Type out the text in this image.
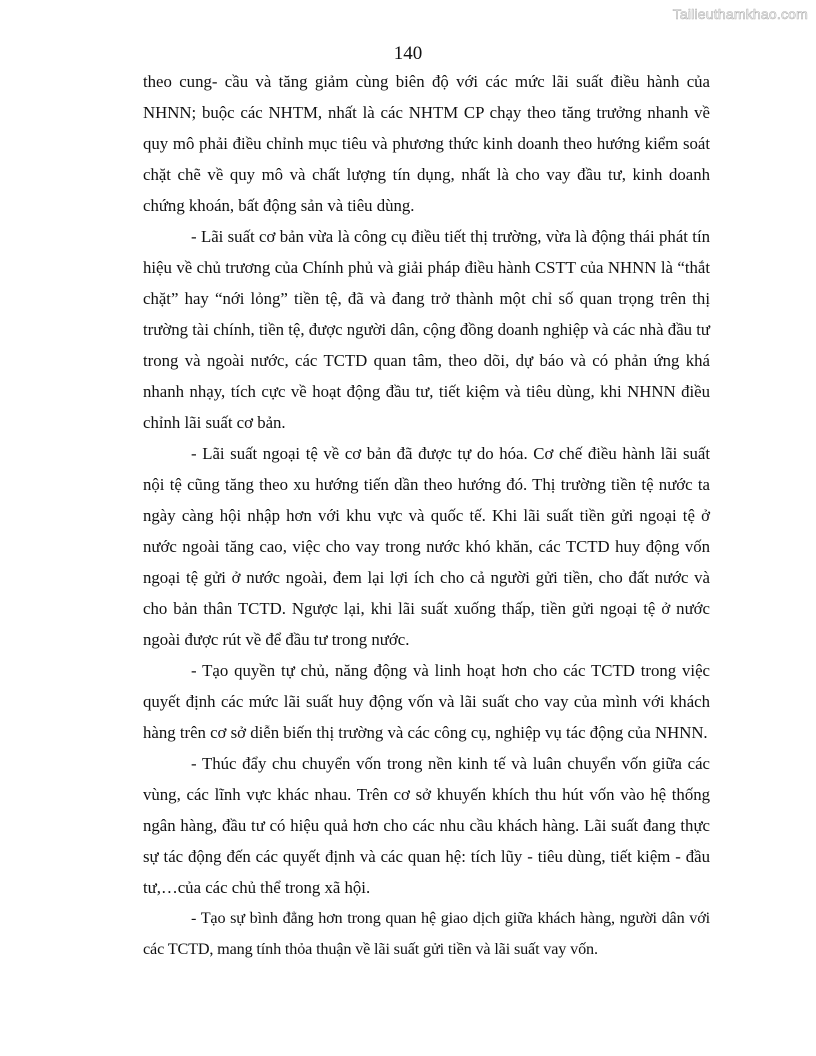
Tailieuthamkhao.com
140

theo cung- cầu và tăng giảm cùng biên độ với các mức lãi suất điều hành của NHNN; buộc các NHTM, nhất là các NHTM CP chạy theo tăng trưởng nhanh về quy mô phải điều chỉnh mục tiêu và phương thức kinh doanh theo hướng kiểm soát chặt chẽ về quy mô và chất lượng tín dụng, nhất là cho vay đầu tư, kinh doanh chứng khoán, bất động sản và tiêu dùng.

- Lãi suất cơ bản vừa là công cụ điều tiết thị trường, vừa là động thái phát tín hiệu về chủ trương của Chính phủ và giải pháp điều hành CSTT của NHNN là “thắt chặt” hay “nới lỏng” tiền tệ, đã và đang trở thành một chỉ số quan trọng trên thị trường tài chính, tiền tệ, được người dân, cộng đồng doanh nghiệp và các nhà đầu tư trong và ngoài nước, các TCTD quan tâm, theo dõi, dự báo và có phản ứng khá nhanh nhạy, tích cực về hoạt động đầu tư, tiết kiệm và tiêu dùng, khi NHNN điều chỉnh lãi suất cơ bản.

- Lãi suất ngoại tệ về cơ bản đã được tự do hóa. Cơ chế điều hành lãi suất nội tệ cũng tăng theo xu hướng tiến dần theo hướng đó. Thị trường tiền tệ nước ta ngày càng hội nhập hơn với khu vực và quốc tế. Khi lãi suất tiền gửi ngoại tệ ở nước ngoài tăng cao, việc cho vay trong nước khó khăn, các TCTD huy động vốn ngoại tệ gửi ở nước ngoài, đem lại lợi ích cho cả người gửi tiền, cho đất nước và cho bản thân TCTD. Ngược lại, khi lãi suất xuống thấp, tiền gửi ngoại tệ ở nước ngoài được rút về để đầu tư trong nước.

- Tạo quyền tự chủ, năng động và linh hoạt hơn cho các TCTD trong việc quyết định các mức lãi suất huy động vốn và lãi suất cho vay của mình với khách hàng trên cơ sở diễn biến thị trường và các công cụ, nghiệp vụ tác động của NHNN.

- Thúc đẩy chu chuyển vốn trong nền kinh tế và luân chuyển vốn giữa các vùng, các lĩnh vực khác nhau. Trên cơ sở khuyến khích thu hút vốn vào hệ thống ngân hàng, đầu tư có hiệu quả hơn cho các nhu cầu khách hàng. Lãi suất đang thực sự tác động đến các quyết định và các quan hệ: tích lũy - tiêu dùng, tiết kiệm - đầu tư,…của các chủ thể trong xã hội.

- Tạo sự bình đẳng hơn trong quan hệ giao dịch giữa khách hàng, người dân với các TCTD, mang tính thỏa thuận về lãi suất gửi tiền và lãi suất vay vốn.
